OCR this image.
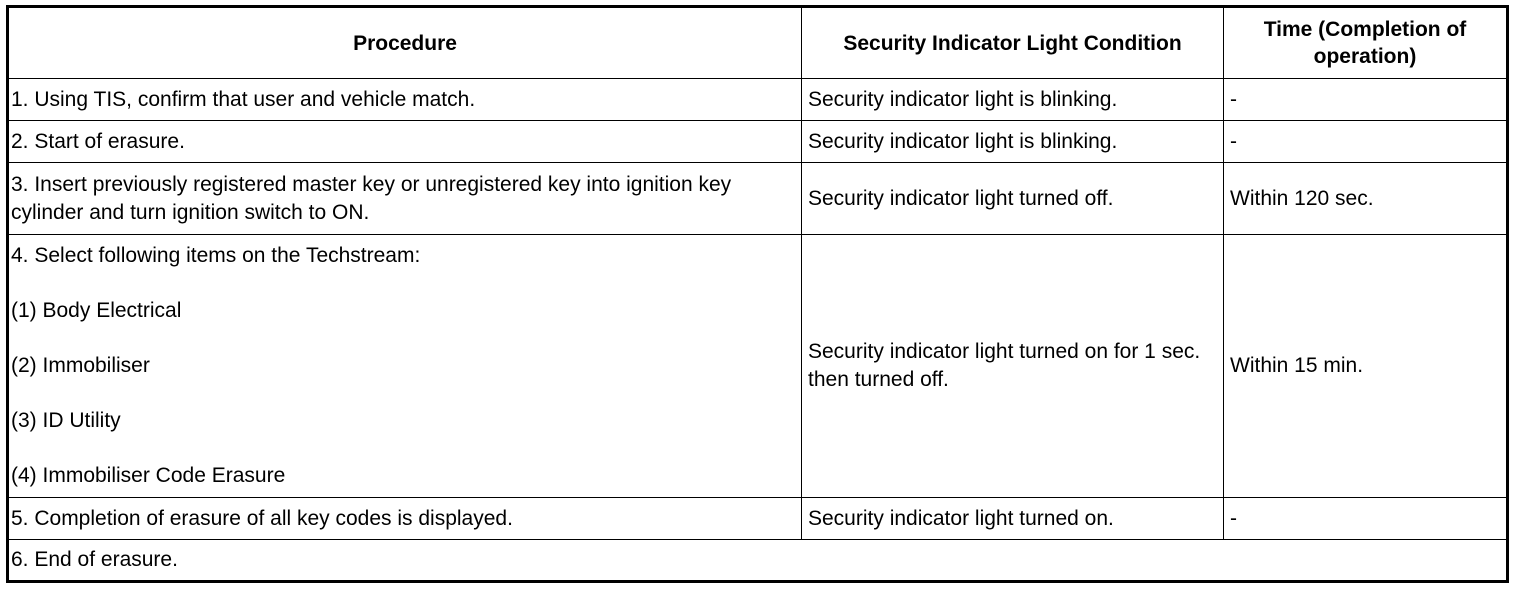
Procedure	Security Indicator Light Condition	Time (Completion of operation)
1. Using TIS, confirm that user and vehicle match.	Security indicator light is blinking.	-
2. Start of erasure.	Security indicator light is blinking.	-
3. Insert previously registered master key or unregistered key into ignition key cylinder and turn ignition switch to ON.	Security indicator light turned off.	Within 120 sec.

4. Select following items on the Techstream:
(1) Body Electrical
(2) Immobiliser
(3) ID Utility
(4) Immobiliser Code Erasure	Security indicator light turned on for 1 sec. then turned off.	Within 15 min.
5. Completion of erasure of all key codes is displayed.	Security indicator light turned on.	-
6. End of erasure.		
